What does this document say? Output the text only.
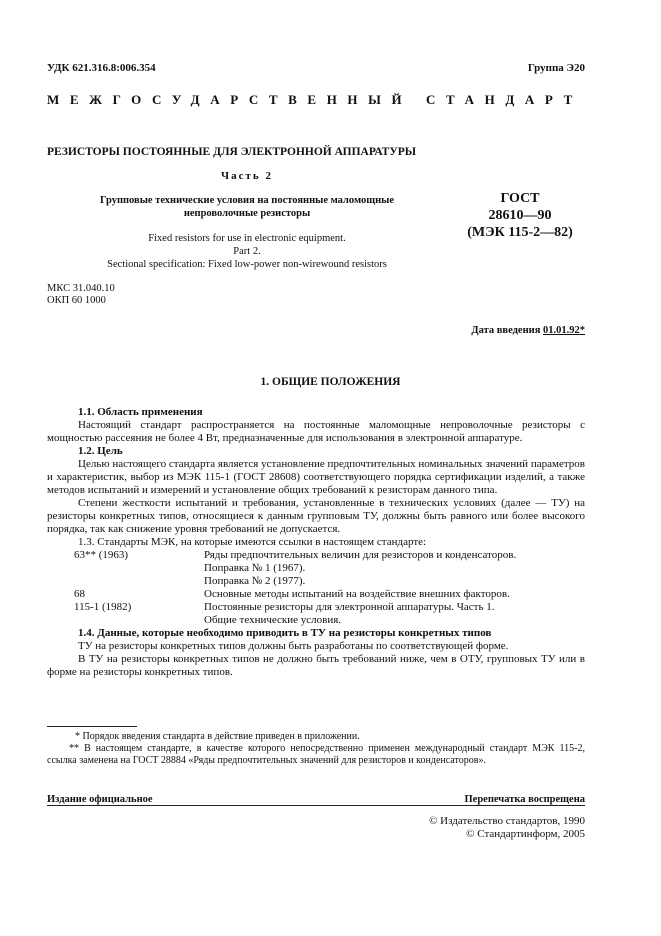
УДК 621.316.8:006.354	Группа Э20
МЕЖГОСУДАРСТВЕННЫЙ СТАНДАРТ
РЕЗИСТОРЫ ПОСТОЯННЫЕ ДЛЯ ЭЛЕКТРОННОЙ АППАРАТУРЫ
Часть 2
Групповые технические условия на постоянные маломощные
непроволочные резисторы
Fixed resistors for use in electronic equipment.
Part 2.
Sectional specification: Fixed low-power non-wirewound resistors
ГОСТ
28610—90
(МЭК 115-2—82)
МКС 31.040.10
ОКП 60 1000
Дата введения 01.01.92*
1. ОБЩИЕ ПОЛОЖЕНИЯ

1.1. Область применения

Настоящий стандарт распространяется на постоянные маломощные непроволочные резисторы с мощностью рассеяния не более 4 Вт, предназначенные для использования в электронной аппаратуре.

1.2. Цель

Целью настоящего стандарта является установление предпочтительных номинальных значений параметров и характеристик, выбор из МЭК 115-1 (ГОСТ 28608) соответствующего порядка сертификации изделий, а также методов испытаний и измерений и установление общих требований к резисторам данного типа.

Степени жесткости испытаний и требования, установленные в технических условиях (далее — ТУ) на резисторы конкретных типов, относящиеся к данным групповым ТУ, должны быть равного или более высокого порядка, так как снижение уровня требований не допускается.

1.3. Стандарты МЭК, на которые имеются ссылки в настоящем стандарте:

63** (1963)	Ряды предпочтительных величин для резисторов и конденсаторов.
Поправка № 1 (1967).
Поправка № 2 (1977).
68	Основные методы испытаний на воздействие внешних факторов.
115-1 (1982)	Постоянные резисторы для электронной аппаратуры. Часть 1.
Общие технические условия.

1.4. Данные, которые необходимо приводить в ТУ на резисторы конкретных типов

ТУ на резисторы конкретных типов должны быть разработаны по соответствующей форме.

В ТУ на резисторы конкретных типов не должно быть требований ниже, чем в ОТУ, групповых ТУ или в форме на резисторы конкретных типов.

* Порядок введения стандарта в действие приведен в приложении.

** В настоящем стандарте, в качестве которого непосредственно применен международный стандарт МЭК 115-2, ссылка заменена на ГОСТ 28884 «Ряды предпочтительных значений для резисторов и конденсаторов».

Издание официальное	Перепечатка воспрещена
© Издательство стандартов, 1990
© Стандартинформ, 2005
